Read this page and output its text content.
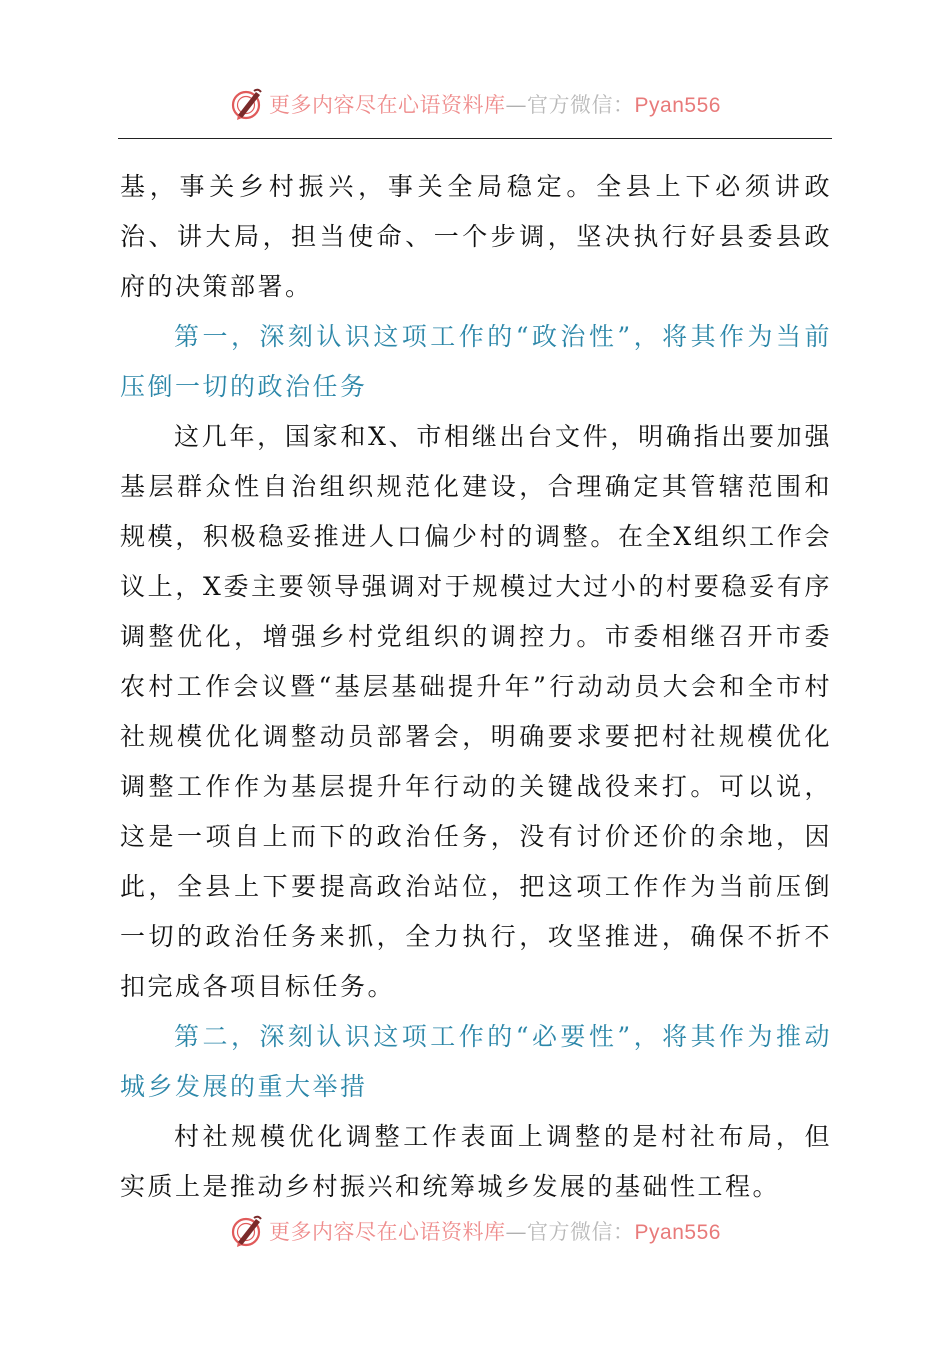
更多内容尽在心语资料库—官方微信：Pyan556

基，事关乡村振兴，事关全局稳定。全县上下必须讲政治、讲大局，担当使命、一个步调，坚决执行好县委县政府的决策部署。

第一，深刻认识这项工作的“政治性”，将其作为当前压倒一切的政治任务

这几年，国家和X、市相继出台文件，明确指出要加强基层群众性自治组织规范化建设，合理确定其管辖范围和规模，积极稳妥推进人口偏少村的调整。在全X组织工作会议上，X委主要领导强调对于规模过大过小的村要稳妥有序调整优化，增强乡村党组织的调控力。市委相继召开市委农村工作会议暨“基层基础提升年”行动动员大会和全市村社规模优化调整动员部署会，明确要求要把村社规模优化调整工作作为基层提升年行动的关键战役来打。可以说，这是一项自上而下的政治任务，没有讨价还价的余地，因此，全县上下要提高政治站位，把这项工作作为当前压倒一切的政治任务来抓，全力执行，攻坚推进，确保不折不扣完成各项目标任务。

第二，深刻认识这项工作的“必要性”，将其作为推动城乡发展的重大举措

村社规模优化调整工作表面上调整的是村社布局，但实质上是推动乡村振兴和统筹城乡发展的基础性工程。

更多内容尽在心语资料库—官方微信：Pyan556
